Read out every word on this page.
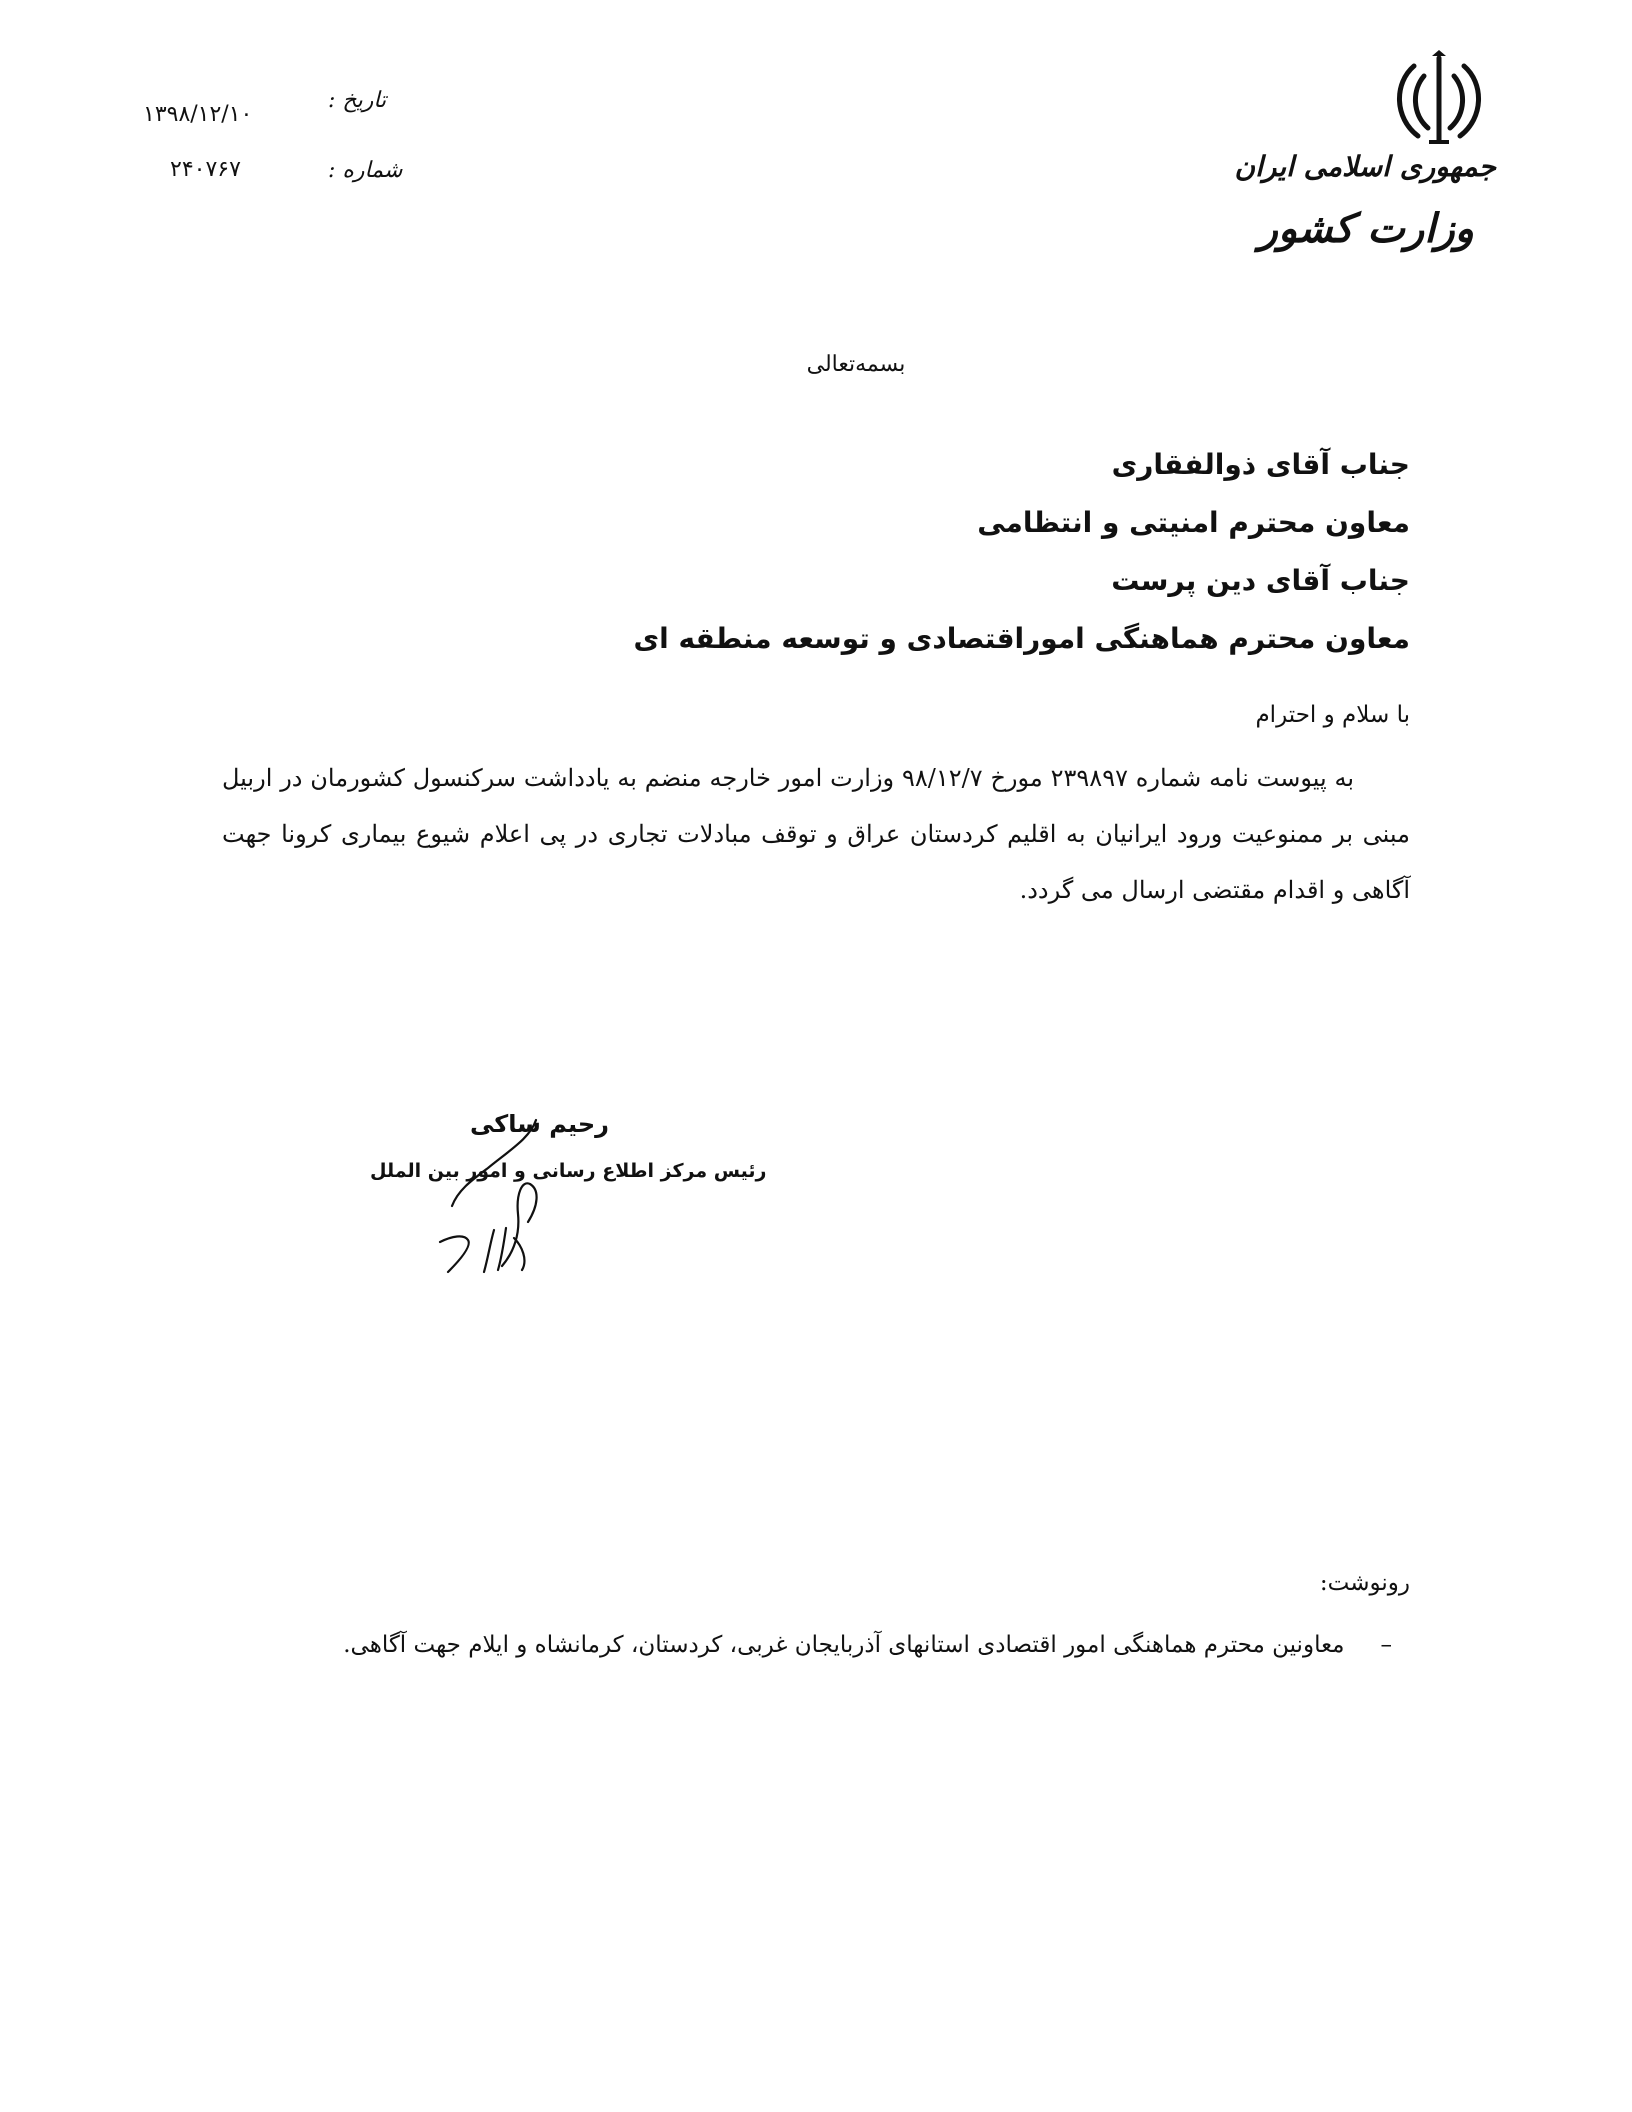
جمهوری اسلامی ایران
وزارت کشور
تاریخ :
۱۳۹۸/۱۲/۱۰
شماره :
۲۴۰۷۶۷
بسمه‌تعالی
جناب آقای ذوالفقاری
معاون محترم امنیتی و انتظامی
جناب آقای دین پرست
معاون محترم هماهنگی اموراقتصادی و توسعه منطقه ای
با سلام و احترام
به پیوست نامه شماره ۲۳۹۸۹۷ مورخ ۹۸/۱۲/۷ وزارت امور خارجه منضم به یادداشت سرکنسول کشورمان در اربیل مبنی بر ممنوعیت ورود ایرانیان به اقلیم کردستان عراق و توقف مبادلات تجاری در پی اعلام شیوع بیماری کرونا جهت آگاهی و اقدام مقتضی ارسال می گردد.
رحیم ساکی
رئیس مرکز اطلاع رسانی و امور بین الملل
رونوشت:
–معاونین محترم هماهنگی امور اقتصادی استانهای آذربایجان غربی، کردستان، کرمانشاه و ایلام جهت آگاهی.
